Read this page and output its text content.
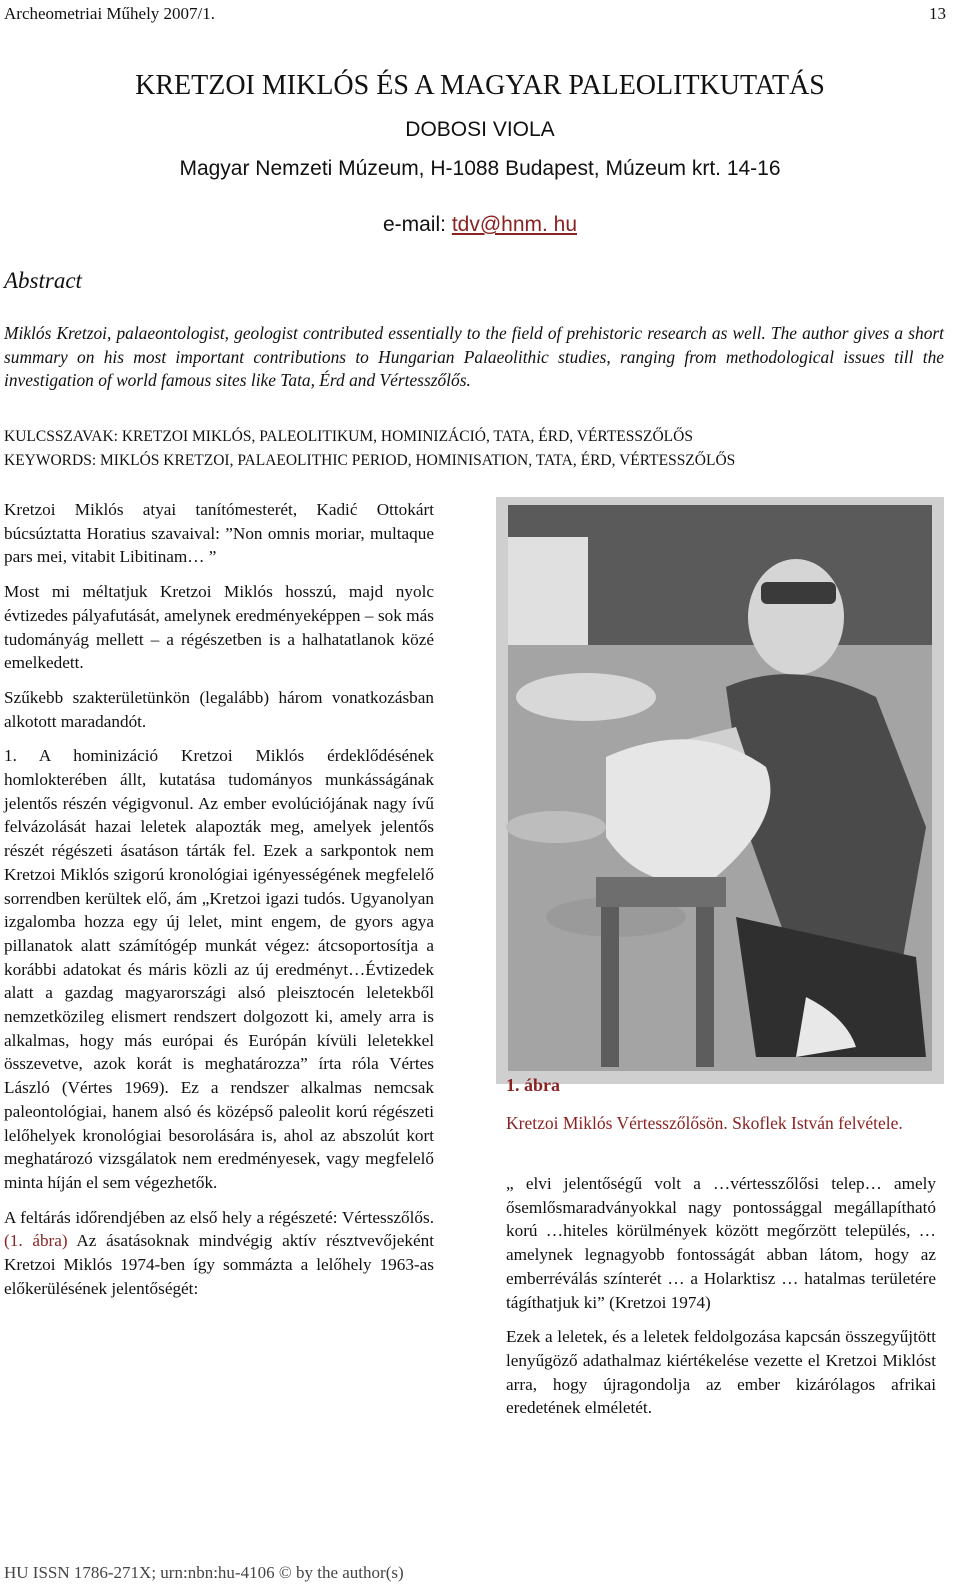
Archeometriai Műhely 2007/1.	13
KRETZOI MIKLÓS ÉS A MAGYAR PALEOLITKUTATÁS
DOBOSI VIOLA
Magyar Nemzeti Múzeum, H-1088 Budapest, Múzeum krt. 14-16
e-mail: tdv@hnm. hu
Abstract
Miklós Kretzoi, palaeontologist, geologist contributed essentially to the field of prehistoric research as well. The author gives a short summary on his most important contributions to Hungarian Palaeolithic studies, ranging from methodological issues till the investigation of world famous sites like Tata, Érd and Vértesszőlős.
KULCSSZAVAK: KRETZOI MIKLÓS, PALEOLITIKUM, HOMINIZÁCIÓ, TATA, ÉRD, VÉRTESSZŐLŐS
KEYWORDS: MIKLÓS KRETZOI, PALAEOLITHIC PERIOD, HOMINISATION, TATA, ÉRD, VÉRTESSZŐLŐS

Kretzoi Miklós atyai tanítómesterét, Kadić Ottokárt búcsúztatta Horatius szavaival: ”Non omnis moriar, multaque pars mei, vitabit Libitinam… ”

Most mi méltatjuk Kretzoi Miklós hosszú, majd nyolc évtizedes pályafutását, amelynek eredményeképpen – sok más tudományág mellett – a régészetben is a halhatatlanok közé emelkedett.

Szűkebb szakterületünkön (legalább) három vonatkozásban alkotott maradandót.

1. A hominizáció Kretzoi Miklós érdeklődésének homlokterében állt, kutatása tudományos munkásságának jelentős részén végigvonul. Az ember evolúciójának nagy ívű felvázolását hazai leletek alapozták meg, amelyek jelentős részét régészeti ásatáson tárták fel. Ezek a sarkpontok nem Kretzoi Miklós szigorú kronológiai igényességének megfelelő sorrendben kerültek elő, ám „Kretzoi igazi tudós. Ugyanolyan izgalomba hozza egy új lelet, mint engem, de gyors agya pillanatok alatt számítógép munkát végez: átcsoportosítja a korábbi adatokat és máris közli az új eredményt…Évtizedek alatt a gazdag magyarországi alsó pleisztocén leletekből nemzetközileg elismert rendszert dolgozott ki, amely arra is alkalmas, hogy más európai és Európán kívüli leletekkel összevetve, azok korát is meghatározza” írta róla Vértes László (Vértes 1969). Ez a rendszer alkalmas nemcsak paleontológiai, hanem alsó és középső paleolit korú régészeti lelőhelyek kronológiai besorolására is, ahol az abszolút kort meghatározó vizsgálatok nem eredményesek, vagy megfelelő minta híján el sem végezhetők.

A feltárás időrendjében az első hely a régészeté: Vértesszőlős. (1. ábra) Az ásatásoknak mindvégig aktív résztvevőjeként Kretzoi Miklós 1974-ben így sommázta a lelőhely 1963-as előkerülésének jelentőségét:

1. ábra
Kretzoi Miklós Vértesszőlősön. Skoflek István felvétele.

„ elvi jelentőségű volt a …vértesszőlősi telep… amely ősemlősmaradványokkal nagy pontossággal megállapítható korú …hiteles körülmények között megőrzött település, …amelynek legnagyobb fontosságát abban látom, hogy az emberréválás színterét … a Holarktisz … hatalmas területére tágíthatjuk ki” (Kretzoi 1974)

Ezek a leletek, és a leletek feldolgozása kapcsán összegyűjtött lenyűgöző adathalmaz kiértékelése vezette el Kretzoi Miklóst arra, hogy újragondolja az ember kizárólagos afrikai eredetének elméletét.

HU ISSN 1786-271X; urn:nbn:hu-4106 © by the author(s)
